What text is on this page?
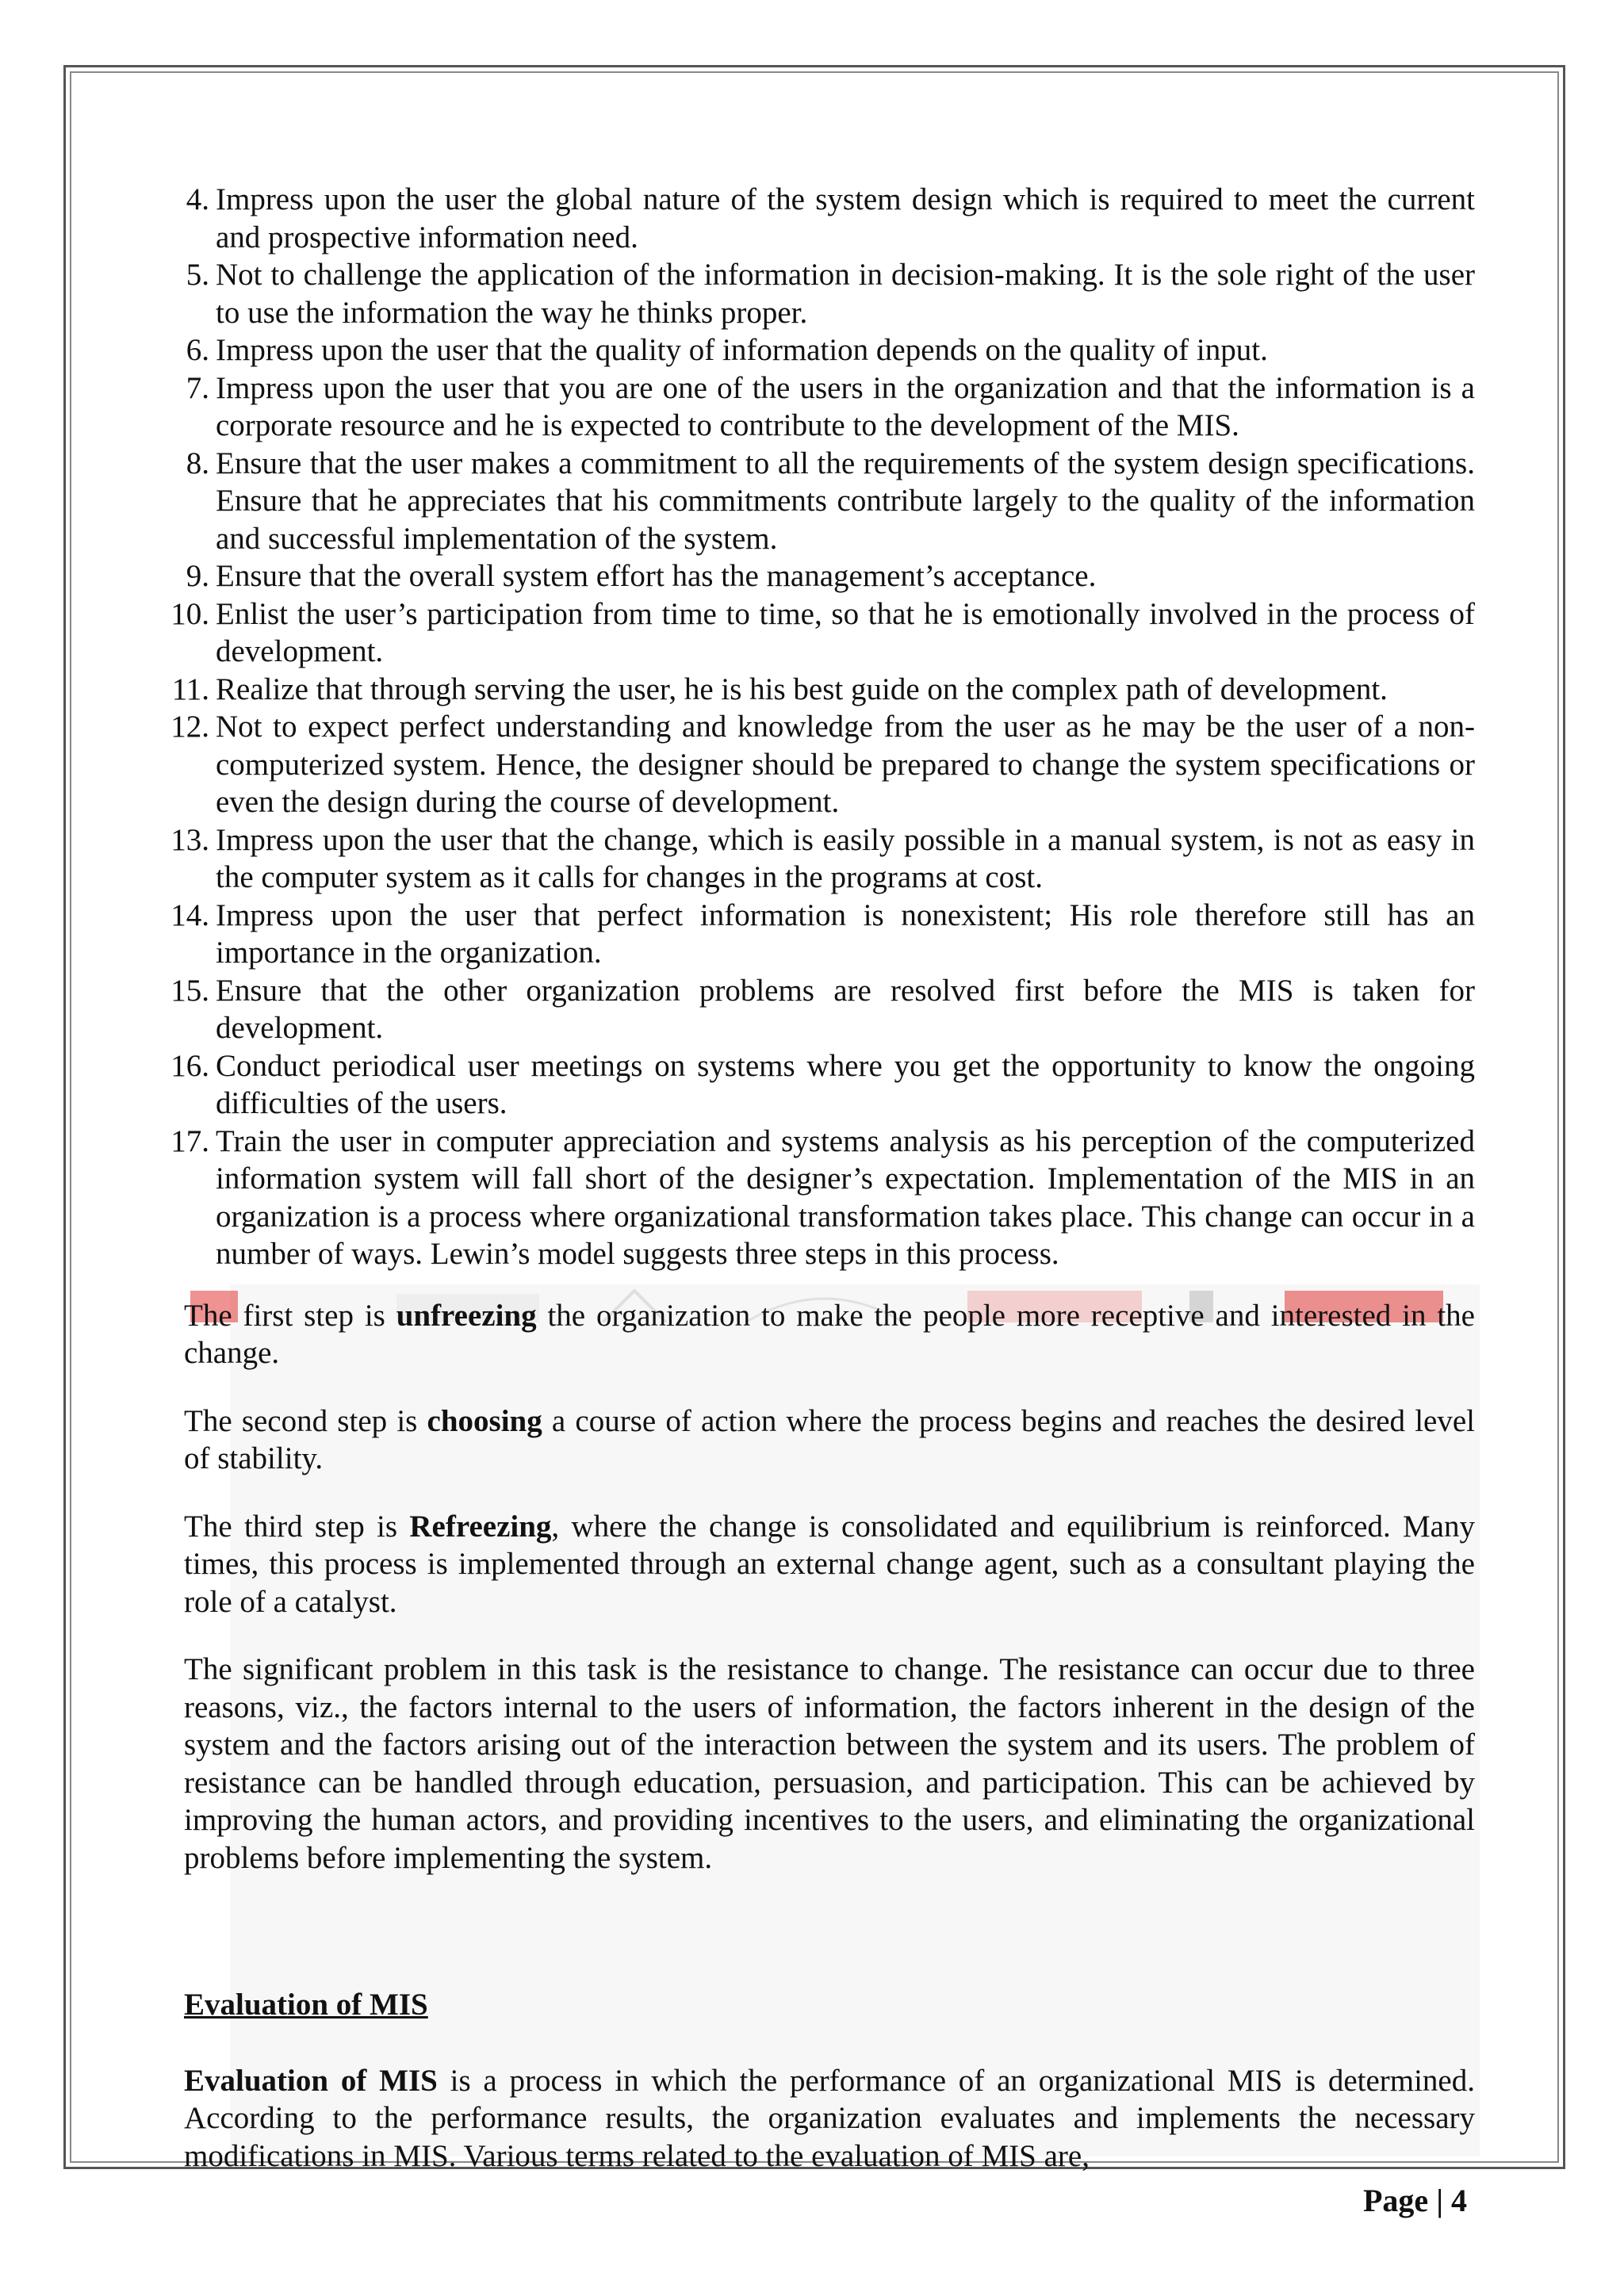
4. Impress upon the user the global nature of the system design which is required to meet the current and prospective information need.
5. Not to challenge the application of the information in decision-making. It is the sole right of the user to use the information the way he thinks proper.
6. Impress upon the user that the quality of information depends on the quality of input.
7. Impress upon the user that you are one of the users in the organization and that the information is a corporate resource and he is expected to contribute to the development of the MIS.
8. Ensure that the user makes a commitment to all the requirements of the system design specifications. Ensure that he appreciates that his commitments contribute largely to the quality of the information and successful implementation of the system.
9. Ensure that the overall system effort has the management’s acceptance.
10. Enlist the user’s participation from time to time, so that he is emotionally involved in the process of development.
11. Realize that through serving the user, he is his best guide on the complex path of development.
12. Not to expect perfect understanding and knowledge from the user as he may be the user of a non-computerized system. Hence, the designer should be prepared to change the system specifications or even the design during the course of development.
13. Impress upon the user that the change, which is easily possible in a manual system, is not as easy in the computer system as it calls for changes in the programs at cost.
14. Impress upon the user that perfect information is nonexistent; His role therefore still has an importance in the organization.
15. Ensure that the other organization problems are resolved first before the MIS is taken for development.
16. Conduct periodical user meetings on systems where you get the opportunity to know the ongoing difficulties of the users.
17. Train the user in computer appreciation and systems analysis as his perception of the computerized information system will fall short of the designer’s expectation. Implementation of the MIS in an organization is a process where organizational transformation takes place. This change can occur in a number of ways. Lewin’s model suggests three steps in this process.

The first step is unfreezing the organization to make the people more receptive and interested in the change.

The second step is choosing a course of action where the process begins and reaches the desired level of stability.

The third step is Refreezing, where the change is consolidated and equilibrium is reinforced. Many times, this process is implemented through an external change agent, such as a consultant playing the role of a catalyst.

The significant problem in this task is the resistance to change. The resistance can occur due to three reasons, viz., the factors internal to the users of information, the factors inherent in the design of the system and the factors arising out of the interaction between the system and its users. The problem of resistance can be handled through education, persuasion, and participation. This can be achieved by improving the human actors, and providing incentives to the users, and eliminating the organizational problems before implementing the system.

Evaluation of MIS

Evaluation of MIS is a process in which the performance of an organizational MIS is determined. According to the performance results, the organization evaluates and implements the necessary modifications in MIS. Various terms related to the evaluation of MIS are,

Page | 4
